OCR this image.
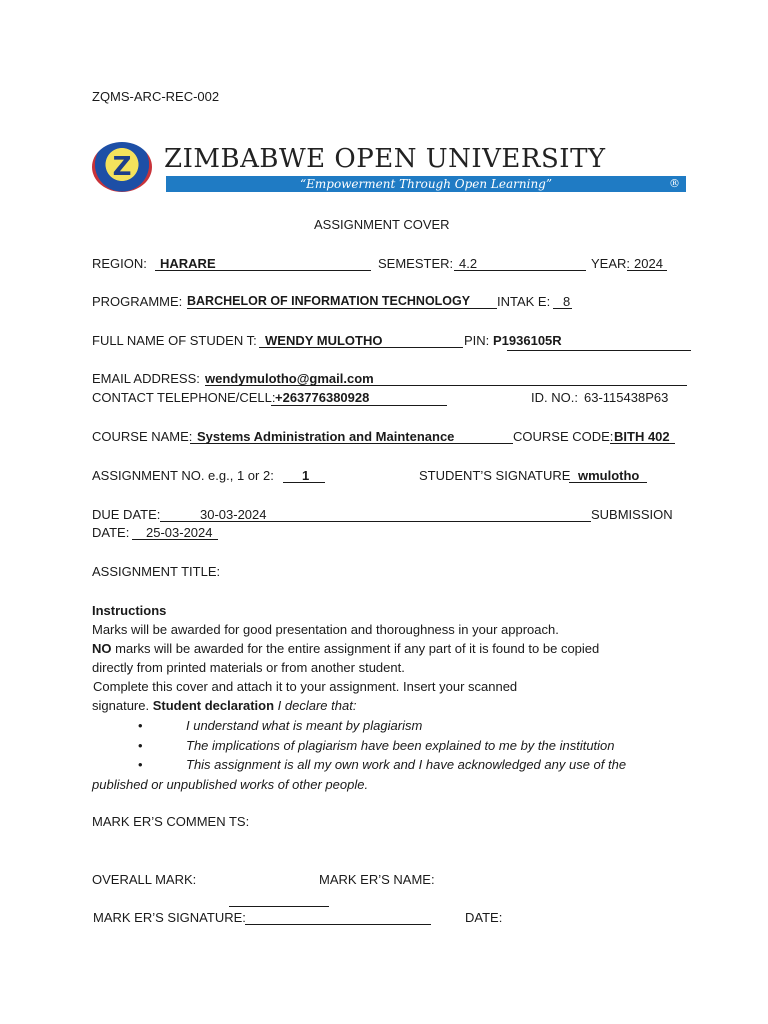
ZQMS-ARC-REC-002
Z ZIMBABWE OPEN UNIVERSITY
“Empowerment Through Open Learning”	®
ASSIGNMENT COVER
REGION: HARARE	SEMESTER: 4.2	YEAR: 2024
PROGRAMME: BARCHELOR OF INFORMATION TECHNOLOGY INTAK E: 8
FULL NAME OF STUDEN T: WENDY MULOTHO	PIN: P1936105R
EMAIL ADDRESS: wendymulotho@gmail.com
CONTACT TELEPHONE/CELL: +263776380928	ID. NO.: 63-115438P63
COURSE NAME: Systems Administration and Maintenance	COURSE CODE: BITH 402
ASSIGNMENT NO. e.g., 1 or 2: 1	STUDENT’S SIGNATURE wmulotho
DUE DATE:	30-03-2024	SUBMISSION
DATE: 25-03-2024
ASSIGNMENT TITLE:
Instructions
Marks will be awarded for good presentation and thoroughness in your approach.
NO marks will be awarded for the entire assignment if any part of it is found to be copied
directly from printed materials or from another student.
Complete this cover and attach it to your assignment. Insert your scanned
signature. Student declaration I declare that:
•	I understand what is meant by plagiarism
•	The implications of plagiarism have been explained to me by the institution
•	This assignment is all my own work and I have acknowledged any use of the
published or unpublished works of other people.
MARK ER’S COMMEN TS:
OVERALL MARK:	MARK ER’S NAME:
MARK ER’S SIGNATURE:	DATE:
